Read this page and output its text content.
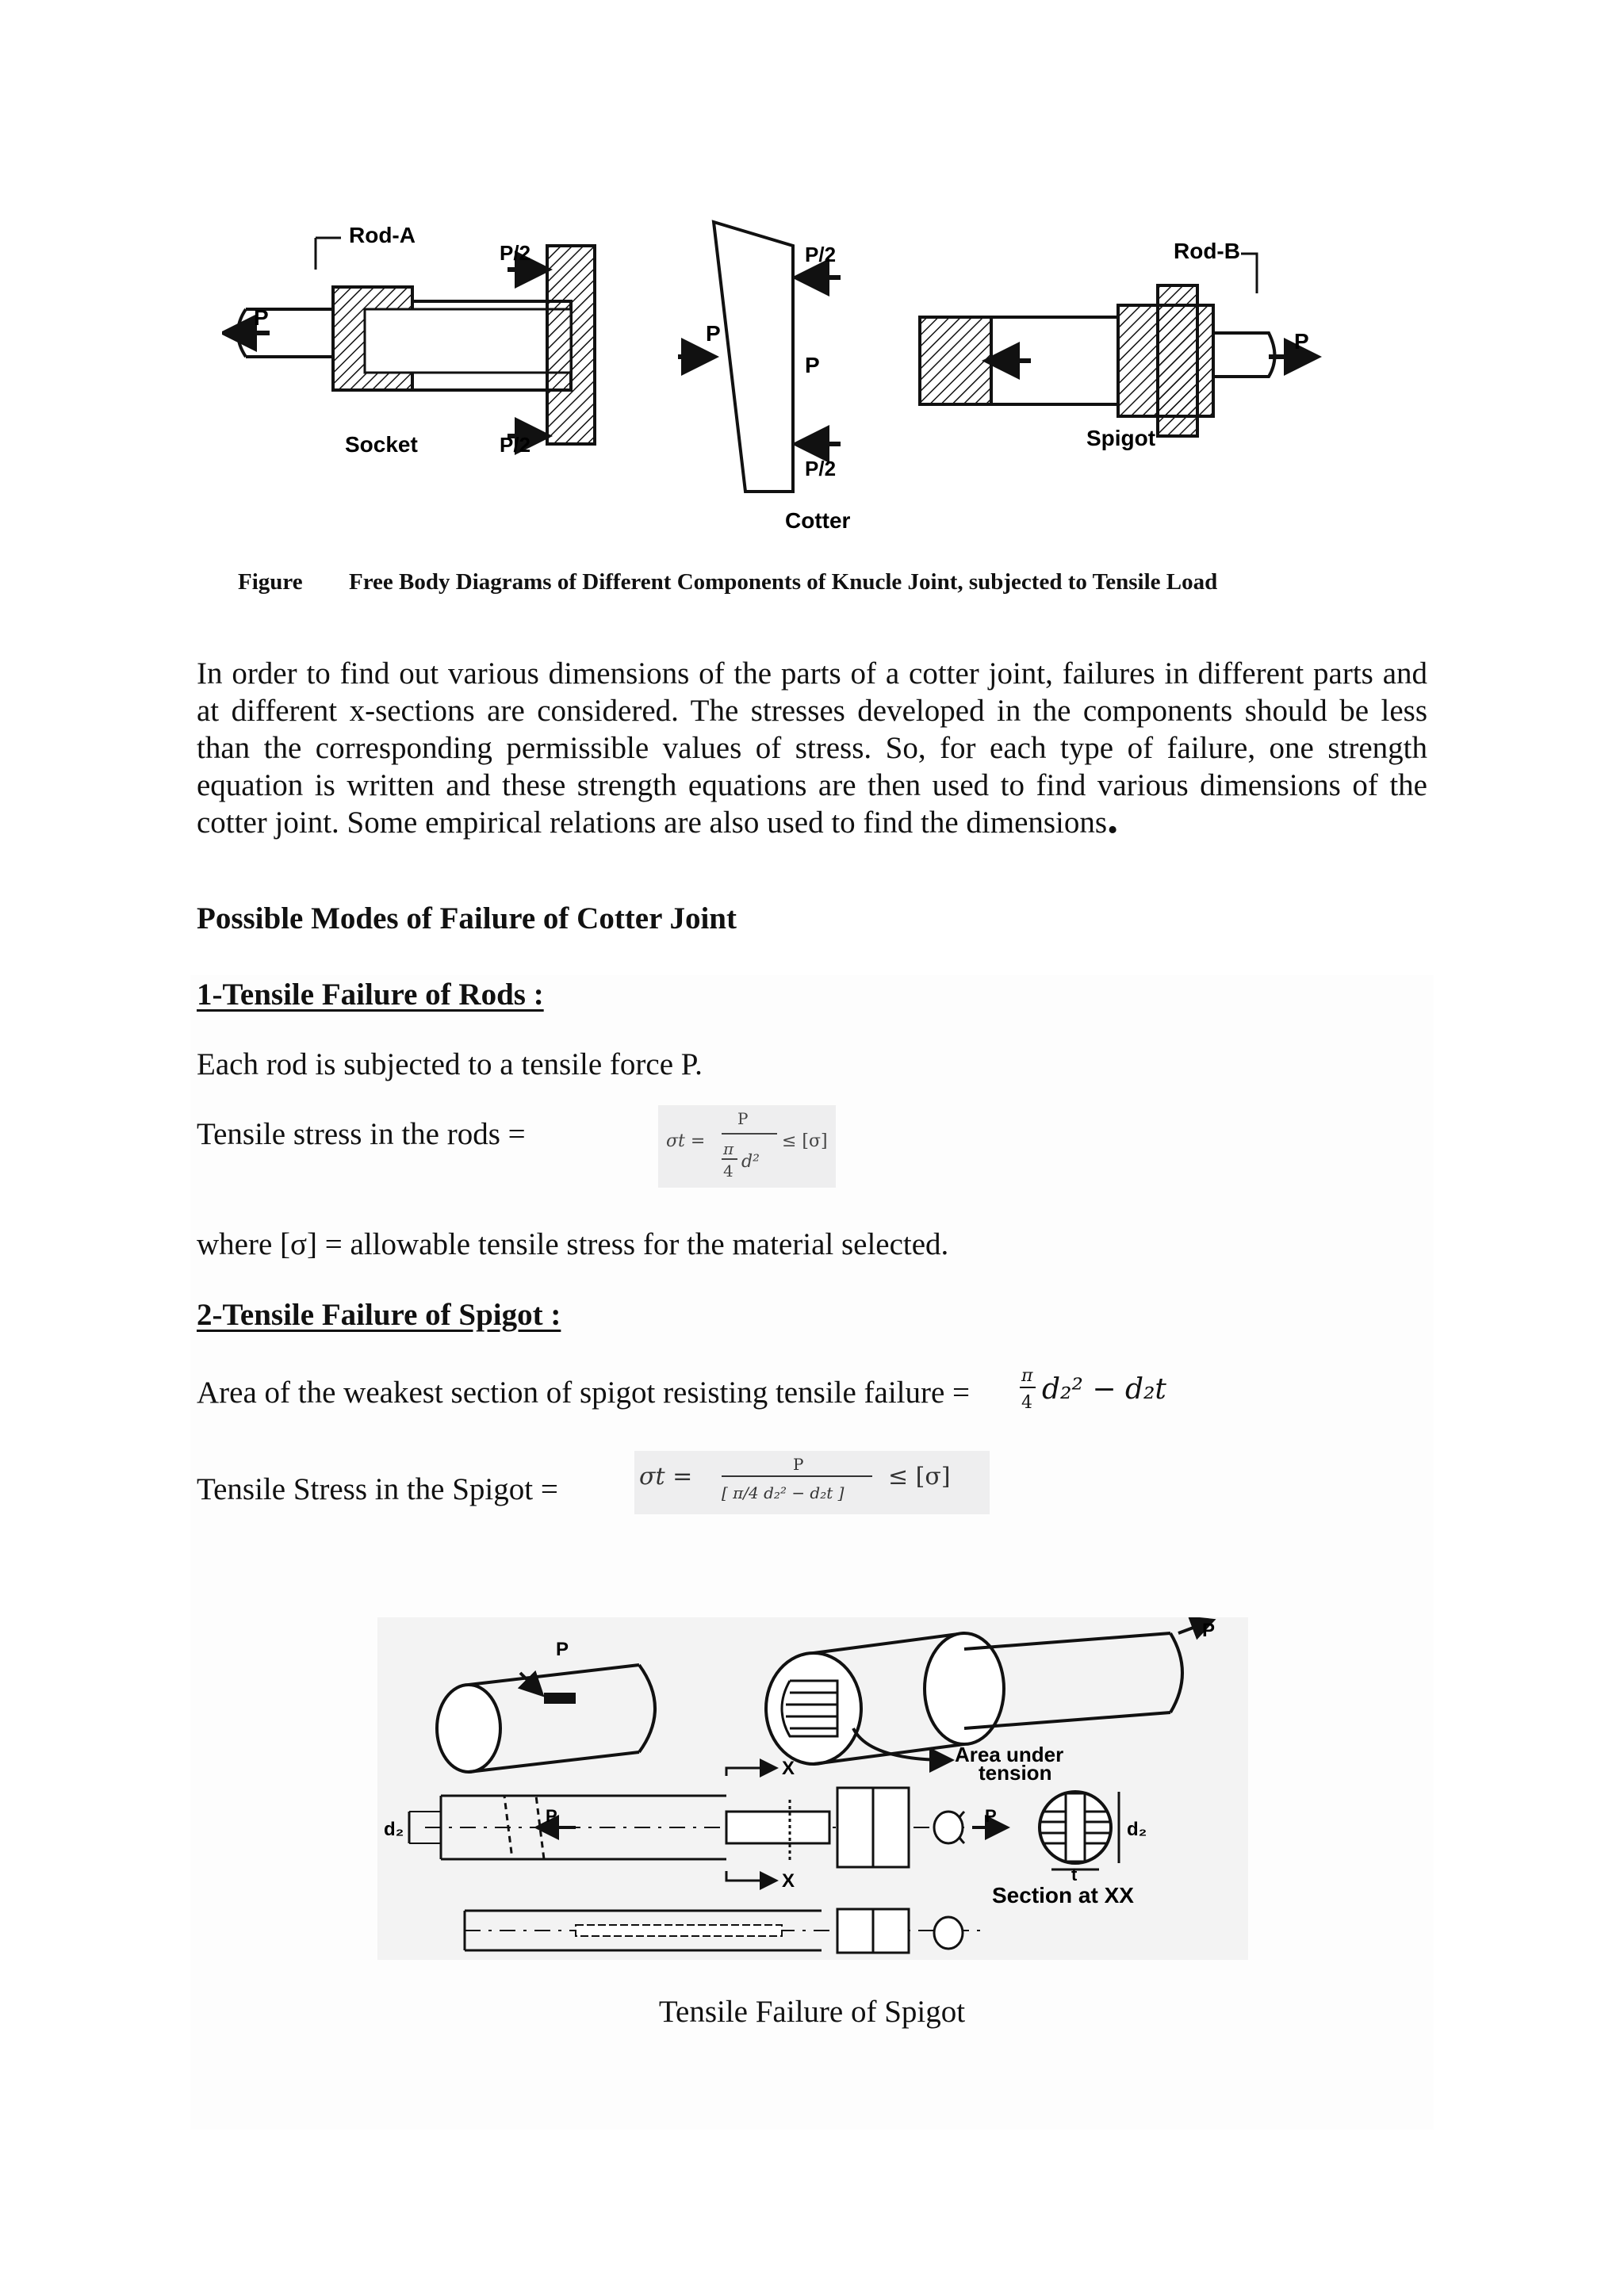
Rod-A
P
P/2
Socket	P/2
P
P/2
P/2
Cotter
P
Rod-B
Spigot
P
Figure Free Body Diagrams of Different Components of Knucle Joint, subjected to Tensile Load
In order to find out various dimensions of the parts of a cotter joint, failures in different parts and at different x-sections are considered. The stresses developed in the components should be less than the corresponding permissible values of stress. So, for each type of failure, one strength equation is written and these strength equations are then used to find various dimensions of the cotter joint. Some empirical relations are also used to find the dimensions.
Possible Modes of Failure of Cotter Joint
1-Tensile Failure of Rods :
Each rod is subjected to a tensile force P.
Tensile stress in the rods =	σt =
P
π
4 d²
≤ [σ]
where [σ] = allowable tensile stress for the material selected.
2-Tensile Failure of Spigot :
Area of the weakest section of spigot resisting tensile failure =	π
4 d₂² − d₂t
Tensile Stress in the Spigot =	σt =	P
[ π/4 d₂² − d₂t ]
≤ [σ]
P
P
Area under
tension
d₂
P
X
X
P
d₂
t
Section at XX
Tensile Failure of Spigot
